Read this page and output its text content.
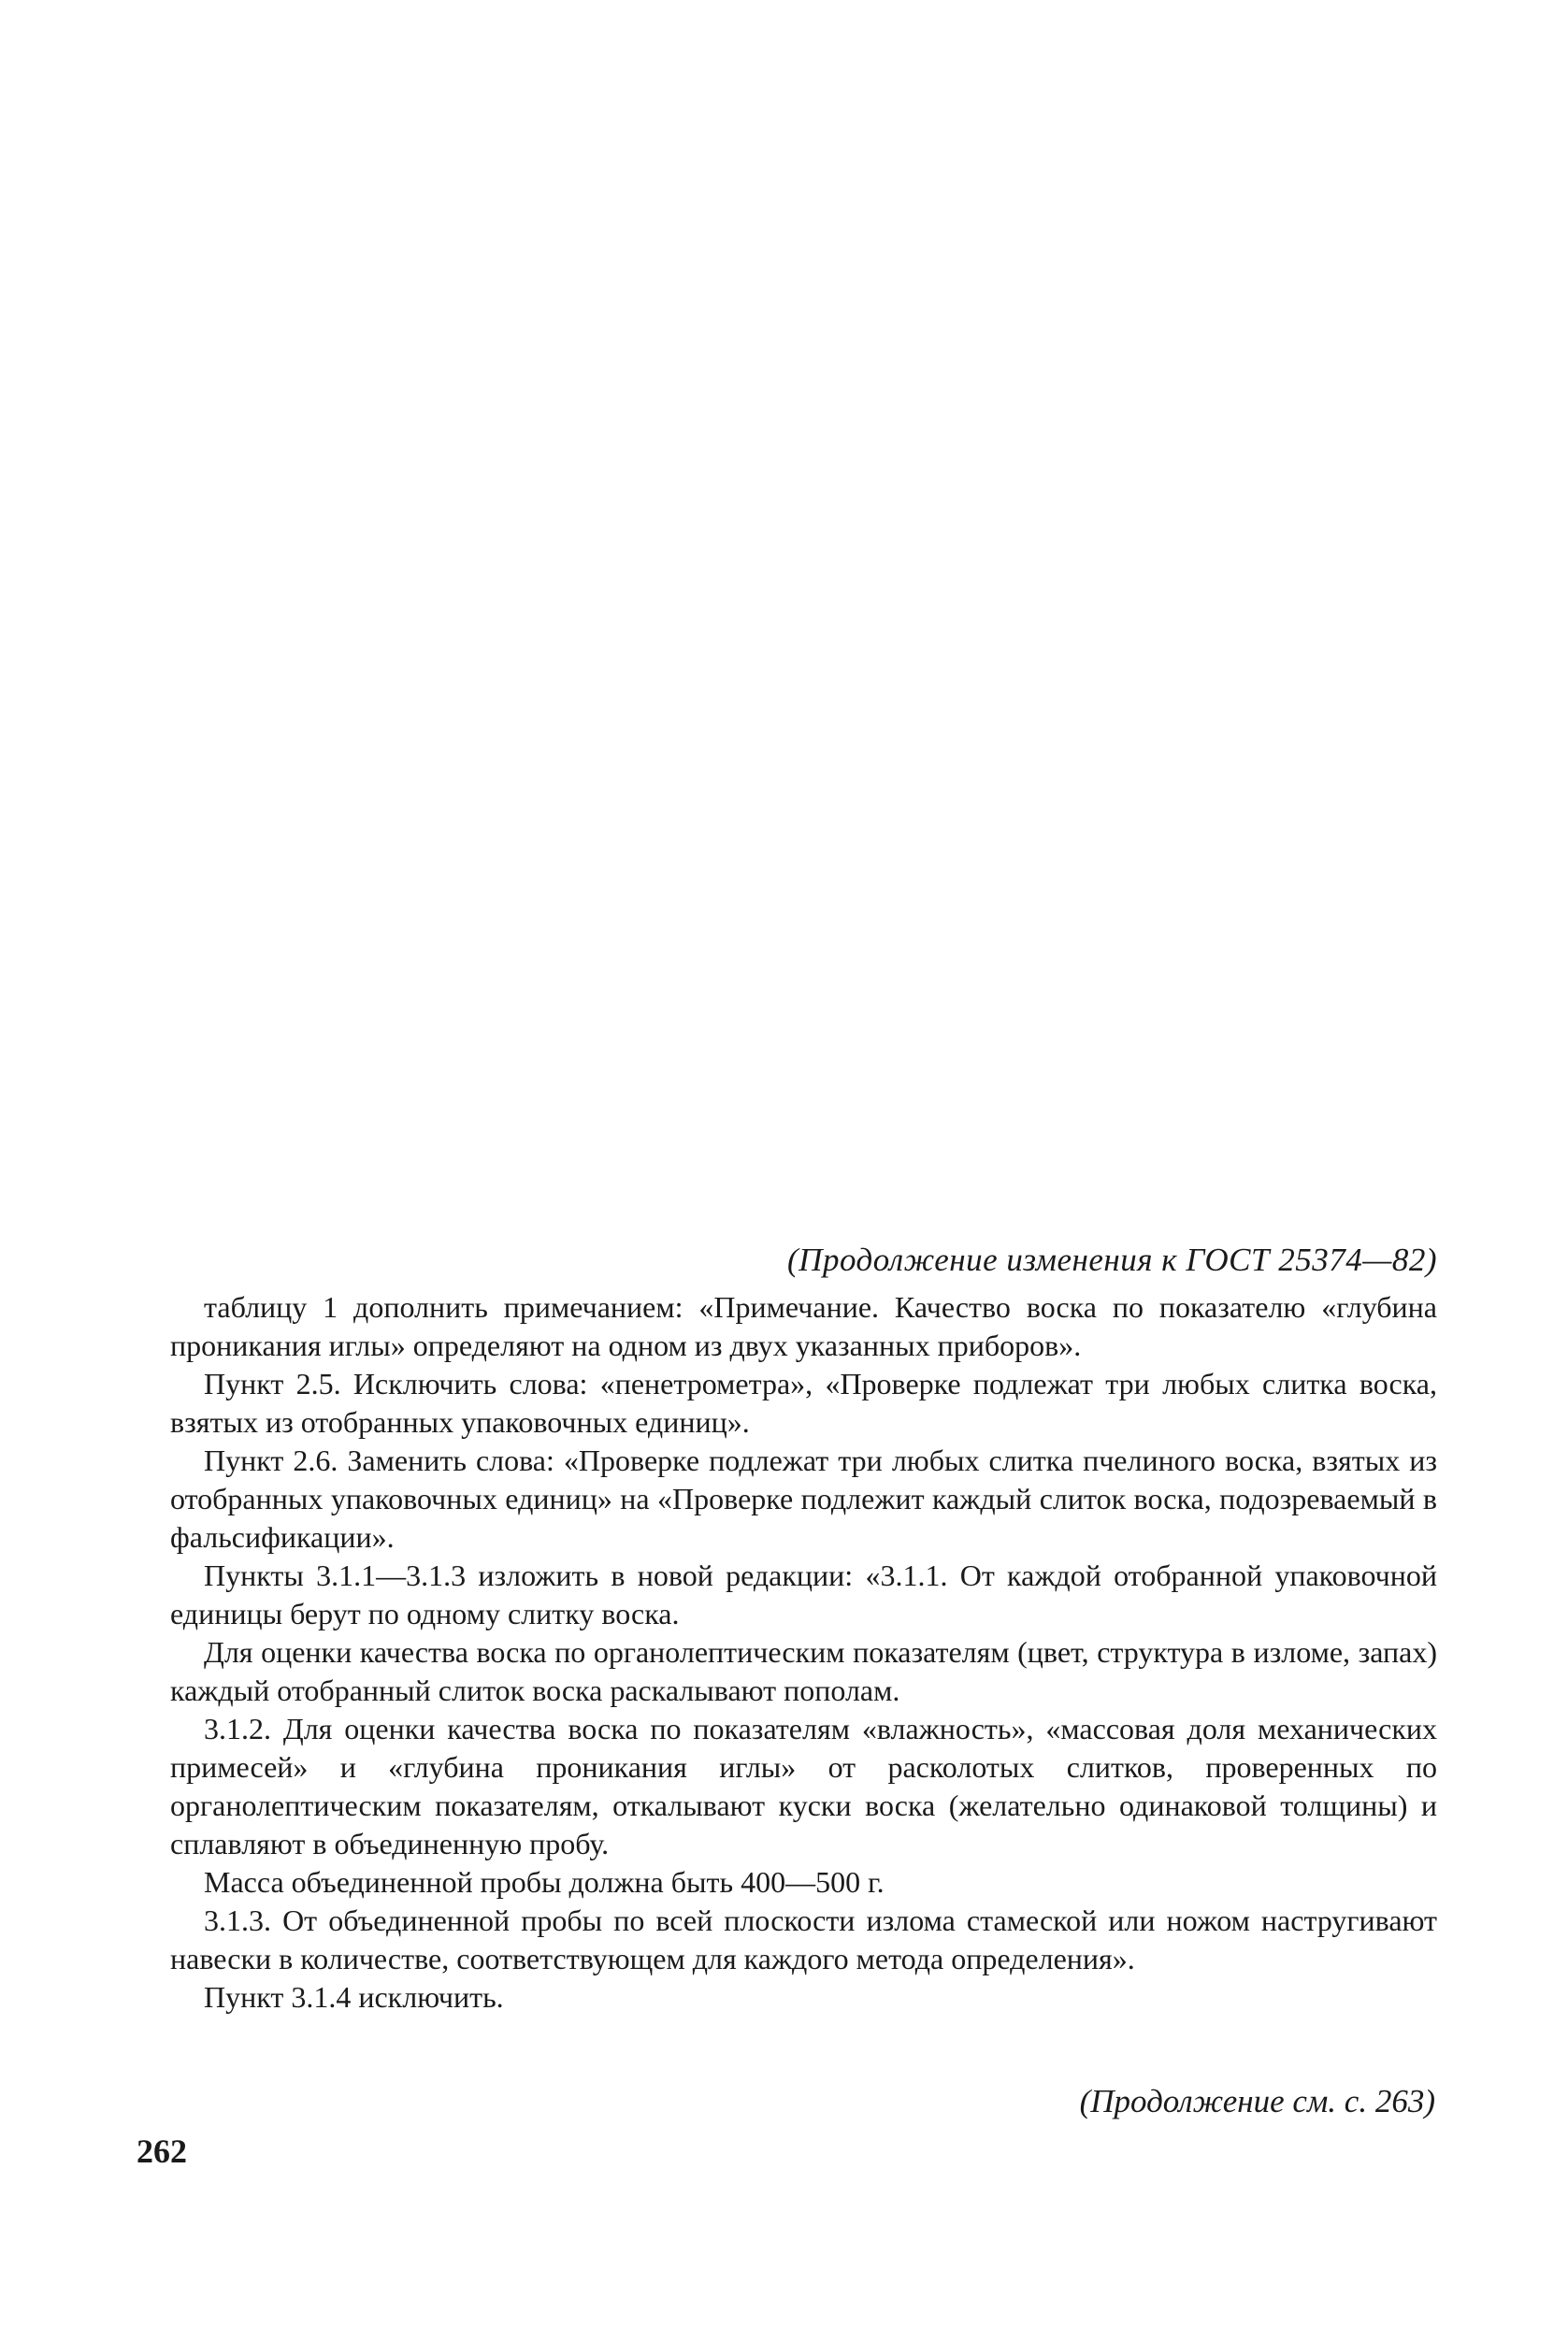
(Продолжение изменения к ГОСТ 25374—82)

таблицу 1 дополнить примечанием: «Примечание. Качество воска по показателю «глубина проникания иглы» определяют на одном из двух указанных приборов».

Пункт 2.5. Исключить слова: «пенетрометра», «Проверке подлежат три любых слитка воска, взятых из отобранных упаковочных единиц».

Пункт 2.6. Заменить слова: «Проверке подлежат три любых слитка пчелиного воска, взятых из отобранных упаковочных единиц» на «Проверке подлежит каждый слиток воска, подозреваемый в фальсификации».

Пункты 3.1.1—3.1.3 изложить в новой редакции: «3.1.1. От каждой отобранной упаковочной единицы берут по одному слитку воска.

Для оценки качества воска по органолептическим показателям (цвет, структура в изломе, запах) каждый отобранный слиток воска раскалывают пополам.

3.1.2. Для оценки качества воска по показателям «влажность», «массовая доля механических примесей» и «глубина проникания иглы» от расколотых слитков, проверенных по органолептическим показателям, откалывают куски воска (желательно одинаковой толщины) и сплавляют в объединенную пробу.

Масса объединенной пробы должна быть 400—500 г.

3.1.3. От объединенной пробы по всей плоскости излома стамеской или ножом настругивают навески в количестве, соответствующем для каждого метода определения».

Пункт 3.1.4 исключить.

(Продолжение см. с. 263)
262
